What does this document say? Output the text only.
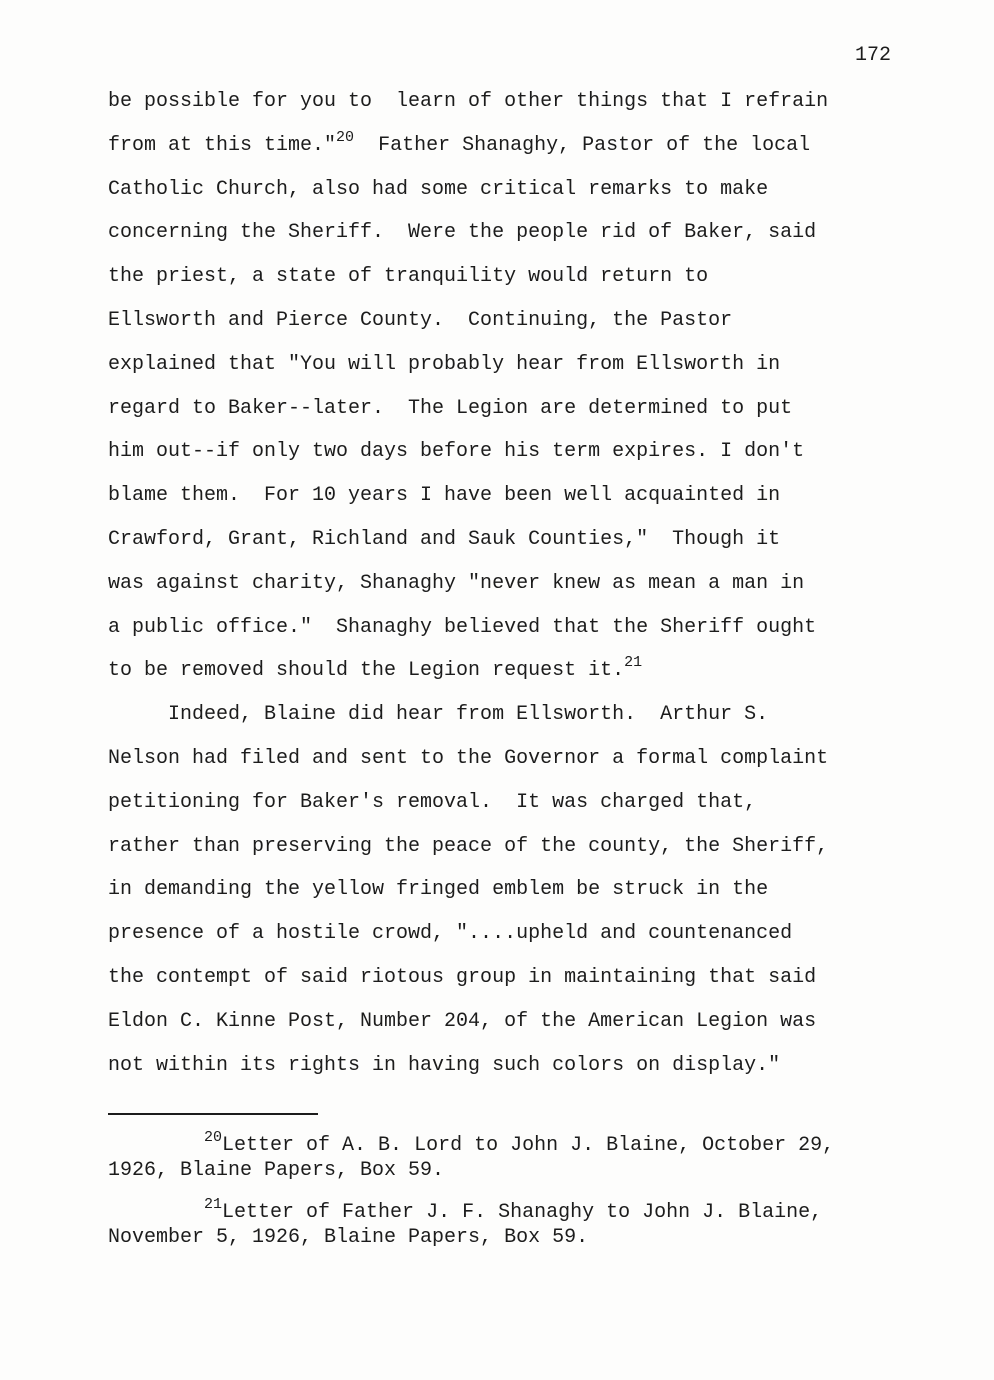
172
be possible for you to  learn of other things that I refrain
from at this time."$^{20}$  Father Shanaghy, Pastor of the local
Catholic Church, also had some critical remarks to make
concerning the Sheriff.  Were the people rid of Baker, said
the priest, a state of tranquility would return to
Ellsworth and Pierce County.  Continuing, the Pastor
explained that "You will probably hear from Ellsworth in
regard to Baker--later.  The Legion are determined to put
him out--if only two days before his term expires. I don't
blame them.  For 10 years I have been well acquainted in
Crawford, Grant, Richland and Sauk Counties,"  Though it
was against charity, Shanaghy "never knew as mean a man in
a public office."  Shanaghy believed that the Sheriff ought
to be removed should the Legion request it.$^{21}$
Indeed, Blaine did hear from Ellsworth.  Arthur S.
Nelson had filed and sent to the Governor a formal complaint
petitioning for Baker's removal.  It was charged that,
rather than preserving the peace of the county, the Sheriff,
in demanding the yellow fringed emblem be struck in the
presence of a hostile crowd, "....upheld and countenanced
the contempt of said riotous group in maintaining that said
Eldon C. Kinne Post, Number 204, of the American Legion was
not within its rights in having such colors on display."
$^{20}$Letter of A. B. Lord to John J. Blaine, October 29,
1926, Blaine Papers, Box 59.
$^{21}$Letter of Father J. F. Shanaghy to John J. Blaine,
November 5, 1926, Blaine Papers, Box 59.
